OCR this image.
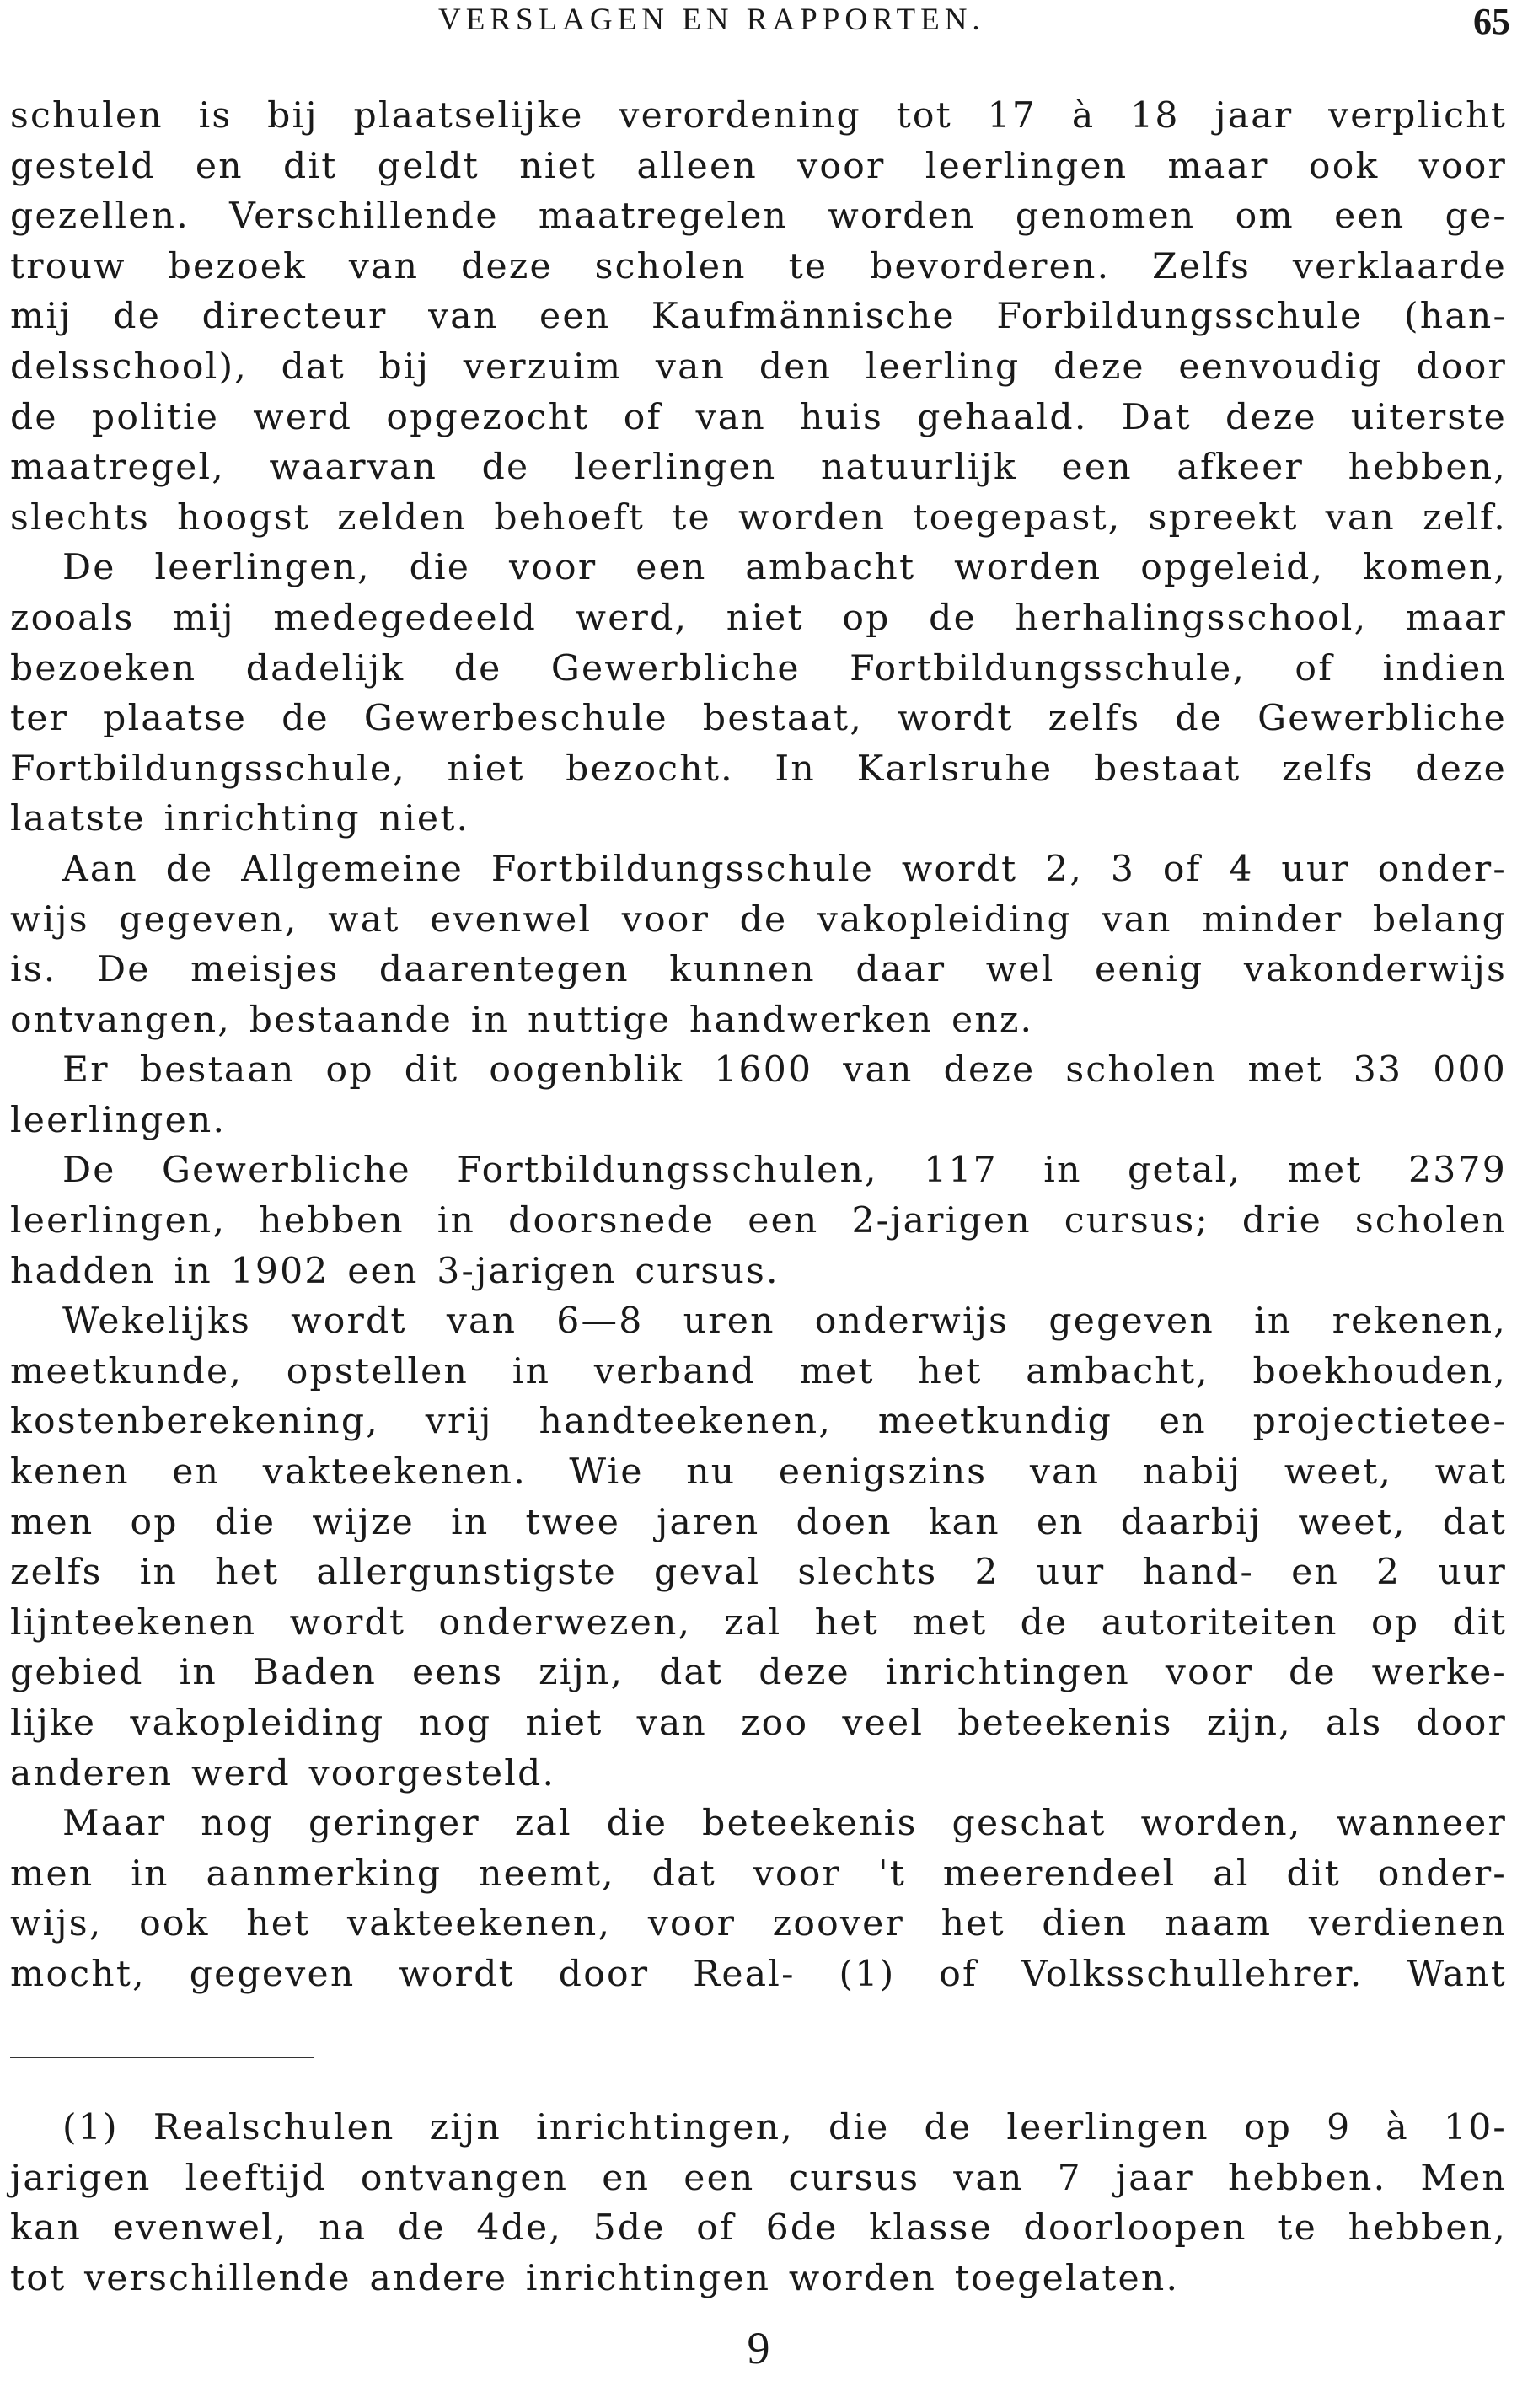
VERSLAGEN EN RAPPORTEN.	65
schulen is bij plaatselijke verordening tot 17 à 18 jaar verplicht
gesteld en dit geldt niet alleen voor leerlingen maar ook voor
gezellen. Verschillende maatregelen worden genomen om een ge-
trouw bezoek van deze scholen te bevorderen. Zelfs verklaarde
mij de directeur van een Kaufmännische Forbildungsschule (han-
delsschool), dat bij verzuim van den leerling deze eenvoudig door
de politie werd opgezocht of van huis gehaald. Dat deze uiterste
maatregel, waarvan de leerlingen natuurlijk een afkeer hebben,
slechts hoogst zelden behoeft te worden toegepast, spreekt van zelf.
De leerlingen, die voor een ambacht worden opgeleid, komen,
zooals mij medegedeeld werd, niet op de herhalingsschool, maar
bezoeken dadelijk de Gewerbliche Fortbildungsschule, of indien
ter plaatse de Gewerbeschule bestaat, wordt zelfs de Gewerbliche
Fortbildungsschule, niet bezocht. In Karlsruhe bestaat zelfs deze
laatste inrichting niet.
Aan de Allgemeine Fortbildungsschule wordt 2, 3 of 4 uur onder-
wijs gegeven, wat evenwel voor de vakopleiding van minder belang
is. De meisjes daarentegen kunnen daar wel eenig vakonderwijs
ontvangen, bestaande in nuttige handwerken enz.
Er bestaan op dit oogenblik 1600 van deze scholen met 33 000
leerlingen.
De Gewerbliche Fortbildungsschulen, 117 in getal, met 2379
leerlingen, hebben in doorsnede een 2-jarigen cursus; drie scholen
hadden in 1902 een 3-jarigen cursus.
Wekelijks wordt van 6—8 uren onderwijs gegeven in rekenen,
meetkunde, opstellen in verband met het ambacht, boekhouden,
kostenberekening, vrij handteekenen, meetkundig en projectietee-
kenen en vakteekenen. Wie nu eenigszins van nabij weet, wat
men op die wijze in twee jaren doen kan en daarbij weet, dat
zelfs in het allergunstigste geval slechts 2 uur hand- en 2 uur
lijnteekenen wordt onderwezen, zal het met de autoriteiten op dit
gebied in Baden eens zijn, dat deze inrichtingen voor de werke-
lijke vakopleiding nog niet van zoo veel beteekenis zijn, als door
anderen werd voorgesteld.
Maar nog geringer zal die beteekenis geschat worden, wanneer
men in aanmerking neemt, dat voor 't meerendeel al dit onder-
wijs, ook het vakteekenen, voor zoover het dien naam verdienen
mocht, gegeven wordt door Real- (1) of Volksschullehrer. Want
(1) Realschulen zijn inrichtingen, die de leerlingen op 9 à 10-
jarigen leeftijd ontvangen en een cursus van 7 jaar hebben. Men
kan evenwel, na de 4de, 5de of 6de klasse doorloopen te hebben,
tot verschillende andere inrichtingen worden toegelaten.
9
